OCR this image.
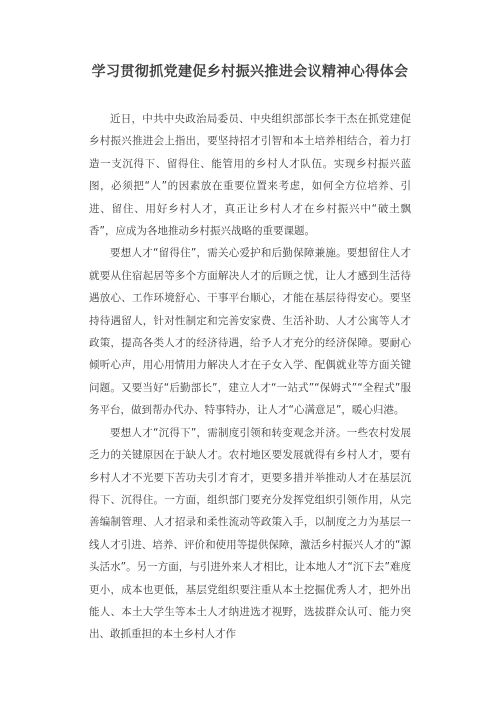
学习贯彻抓党建促乡村振兴推进会议精神心得体会

近日，中共中央政治局委员、中央组织部部长李干杰在抓党建促乡村振兴推进会上指出，要坚持招才引智和本土培养相结合，着力打造一支沉得下、留得住、能管用的乡村人才队伍。实现乡村振兴蓝图，必须把“人”的因素放在重要位置来考虑，如何全方位培养、引进、留住、用好乡村人才，真正让乡村人才在乡村振兴中“破土飘香”，应成为各地推动乡村振兴战略的重要课题。

要想人才“留得住”，需关心爱护和后勤保障兼施。要想留住人才就要从住宿起居等多个方面解决人才的后顾之忧，让人才感到生活待遇放心、工作环境舒心、干事平台顺心，才能在基层待得安心。要坚持待遇留人，针对性制定和完善安家费、生活补助、人才公寓等人才政策，提高各类人才的经济待遇，给予人才充分的经济保障。要耐心倾听心声，用心用情用力解决人才在子女入学、配偶就业等方面关键问题。又要当好“后勤部长”，建立人才“一站式”“保姆式”“全程式”服务平台，做到帮办代办、特事特办，让人才“心满意足”，暖心归港。

要想人才“沉得下”，需制度引领和转变观念并济。一些农村发展乏力的关键原因在于缺人才。农村地区要发展就得有乡村人才，要有乡村人才不光要下苦功夫引才育才，更要多措并举推动人才在基层沉得下、沉得住。一方面，组织部门要充分发挥党组织引领作用，从完善编制管理、人才招录和柔性流动等政策入手，以制度之力为基层一线人才引进、培养、评价和使用等提供保障，激活乡村振兴人才的“源头活水”。另一方面，与引进外来人才相比，让本地人才“沉下去”难度更小，成本也更低，基层党组织要注重从本土挖掘优秀人才，把外出能人、本土大学生等本土人才纳进选才视野，选拔群众认可、能力突出、敢抓重担的本土乡村人才作
